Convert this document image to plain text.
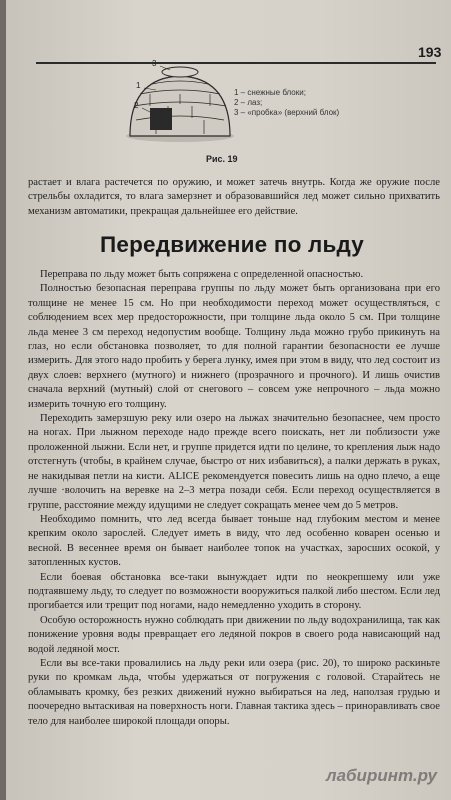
193
3
1
2
1 – снежные блоки;
2 – лаз;
3 – «пробка» (верхний блок)
Рис. 19

растает и влага растечется по оружию, и может затечь внутрь. Когда же оружие после стрельбы охладится, то влага замерзнет и образовавшийся лед может сильно прихватить механизм автоматики, прекращая дальнейшее его действие.

Передвижение по льду

Переправа по льду может быть сопряжена с определенной опасностью.

Полностью безопасная переправа группы по льду может быть организована при его толщине не менее 15 см. Но при необходимости переход может осуществляться, с соблюдением всех мер предосторожности, при толщине льда около 5 см. При толщине льда менее 3 см переход недопустим вообще. Толщину льда можно грубо прикинуть на глаз, но если обстановка позволяет, то для полной гарантии безопасности ее лучше измерить. Для этого надо пробить у берега лунку, имея при этом в виду, что лед состоит из двух слоев: верхнего (мутного) и нижнего (прозрачного и прочного). И лишь очистив сначала верхний (мутный) слой от снегового – совсем уже непрочного – льда можно измерить точную его толщину.

Переходить замерзшую реку или озеро на лыжах значительно безопаснее, чем просто на ногах. При лыжном переходе надо прежде всего поискать, нет ли поблизости уже проложенной лыжни. Если нет, и группе придется идти по целине, то крепления лыж надо отстегнуть (чтобы, в крайнем случае, быстро от них избавиться), а палки держать в руках, не накидывая петли на кисти. ALICE рекомендуется повесить лишь на одно плечо, а еще лучше ·волочить на веревке на 2–3 метра позади себя. Если переход осуществляется в группе, расстояние между идущими не следует сокращать менее чем до 5 метров.

Необходимо помнить, что лед всегда бывает тоньше над глубоким местом и менее крепким около зарослей. Следует иметь в виду, что лед особенно коварен осенью и весной. В весеннее время он бывает наиболее топок на участках, заросших осокой, у затопленных кустов.

Если боевая обстановка все-таки вынуждает идти по неокрепшему или уже подтаявшему льду, то следует по возможности вооружиться палкой либо шестом. Если лед прогибается или трещит под ногами, надо немедленно уходить в сторону.

Особую осторожность нужно соблюдать при движении по льду водохранилища, так как понижение уровня воды превращает его ледяной покров в своего рода нависающий над водой ледяной мост.

Если вы все-таки провалились на льду реки или озера (рис. 20), то широко раскиньте руки по кромкам льда, чтобы удержаться от погружения с головой. Старайтесь не обламывать кромку, без резких движений нужно выбираться на лед, наползая грудью и поочередно вытаскивая на поверхность ноги. Главная тактика здесь – приноравливать свое тело для наиболее широкой площади опоры.

лабиринт.ру
